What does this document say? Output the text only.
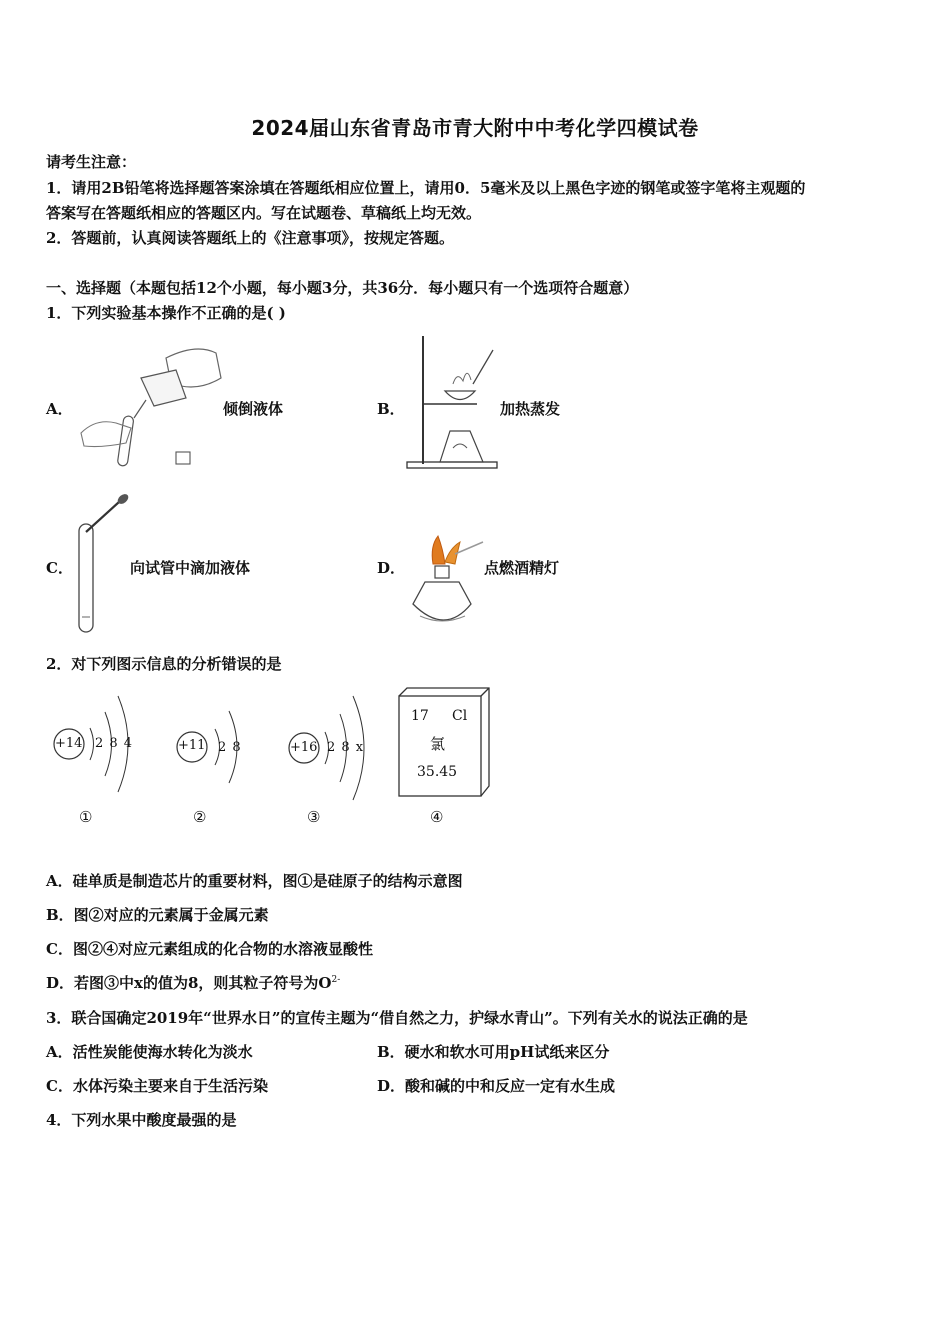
2024届山东省青岛市青大附中中考化学四模试卷
请考生注意：
1．请用2B铅笔将选择题答案涂填在答题纸相应位置上，请用0．5毫米及以上黑色字迹的钢笔或签字笔将主观题的
答案写在答题纸相应的答题区内。写在试题卷、草稿纸上均无效。
2．答题前，认真阅读答题纸上的《注意事项》，按规定答题。
一、选择题（本题包括12个小题，每小题3分，共36分．每小题只有一个选项符合题意）
1．下列实验基本操作不正确的是( )
A．	倾倒液体	B．	加热蒸发
C．	向试管中滴加液体	D．	点燃酒精灯
2．对下列图示信息的分析错误的是
+14 2 8 4	+11 2 8	+16 2 8 x
17 Cl
氯
35.45
①	②	③	④
A．硅单质是制造芯片的重要材料，图①是硅原子的结构示意图
B．图②对应的元素属于金属元素
C．图②④对应元素组成的化合物的水溶液显酸性
D．若图③中x的值为8，则其粒子符号为$O^{2-}$
3．联合国确定2019年“世界水日”的宣传主题为“借自然之力，护绿水青山”。下列有关水的说法正确的是
A．活性炭能使海水转化为淡水	B．硬水和软水可用pH试纸来区分
C．水体污染主要来自于生活污染	D．酸和碱的中和反应一定有水生成
4．下列水果中酸度最强的是
